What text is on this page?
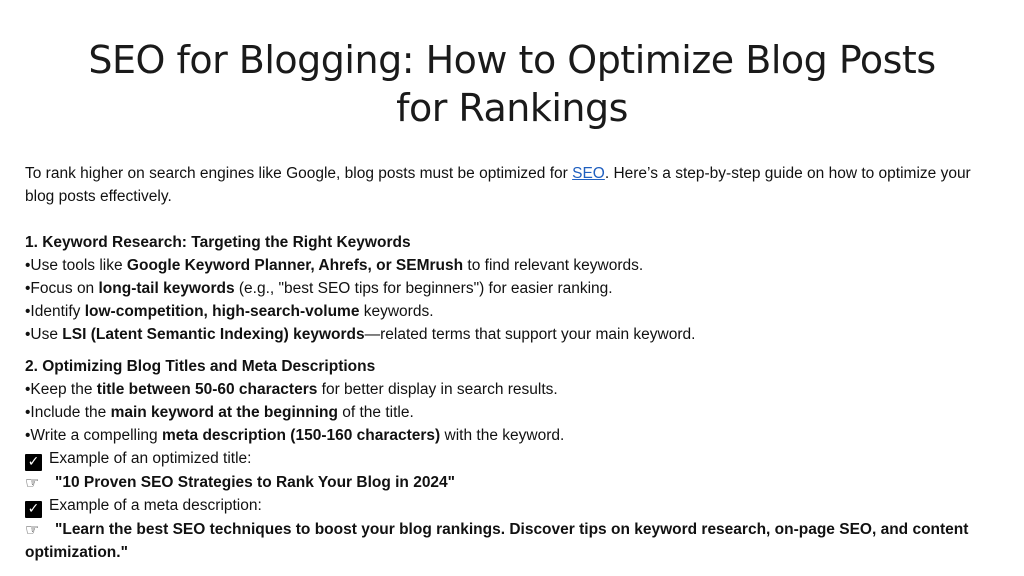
SEO for Blogging: How to Optimize Blog Posts for Rankings

To rank higher on search engines like Google, blog posts must be optimized for SEO. Here’s a step-by-step guide on how to optimize your blog posts effectively.

1. Keyword Research: Targeting the Right Keywords
•Use tools like Google Keyword Planner, Ahrefs, or SEMrush to find relevant keywords.
•Focus on long-tail keywords (e.g., "best SEO tips for beginners") for easier ranking.
•Identify low-competition, high-search-volume keywords.
•Use LSI (Latent Semantic Indexing) keywords—related terms that support your main keyword.
2. Optimizing Blog Titles and Meta Descriptions
•Keep the title between 50-60 characters for better display in search results.
•Include the main keyword at the beginning of the title.
•Write a compelling meta description (150-160 characters) with the keyword.
✓ Example of an optimized title:
☞ "10 Proven SEO Strategies to Rank Your Blog in 2024"
✓ Example of a meta description:
☞ "Learn the best SEO techniques to boost your blog rankings. Discover tips on keyword research, on-page SEO, and content optimization."
